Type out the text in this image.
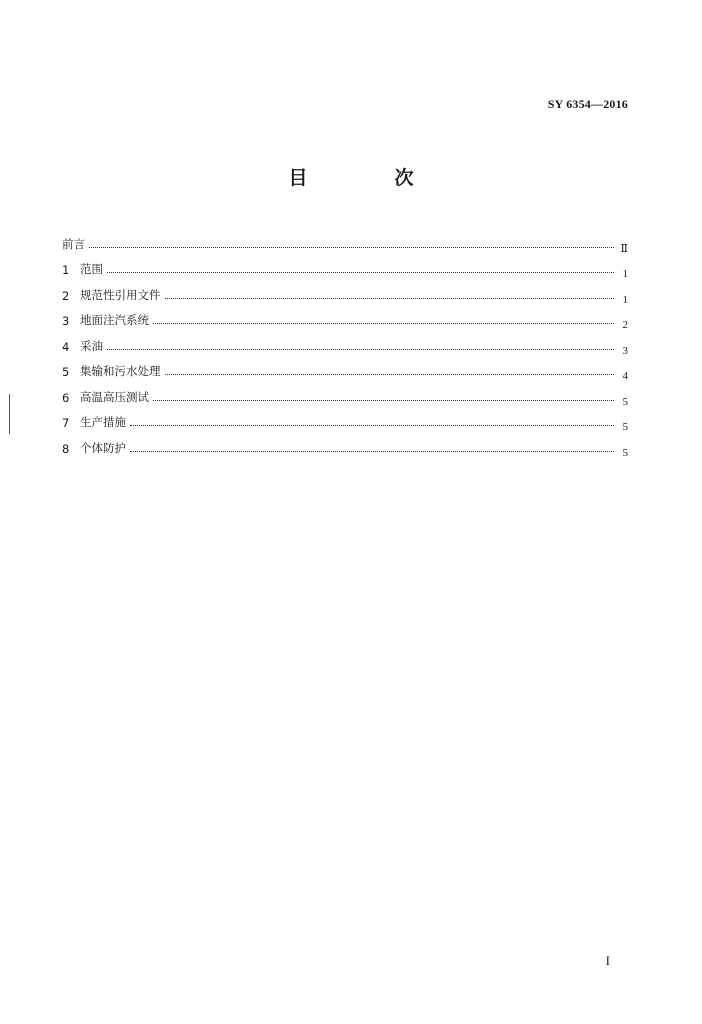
SY 6354—2016
目　次
前言	Ⅱ
1 范围	1
2 规范性引用文件	1
3 地面注汽系统	2
4 采油	3
5 集输和污水处理	4
6 高温高压测试	5
7 生产措施	5
8 个体防护	5
I
